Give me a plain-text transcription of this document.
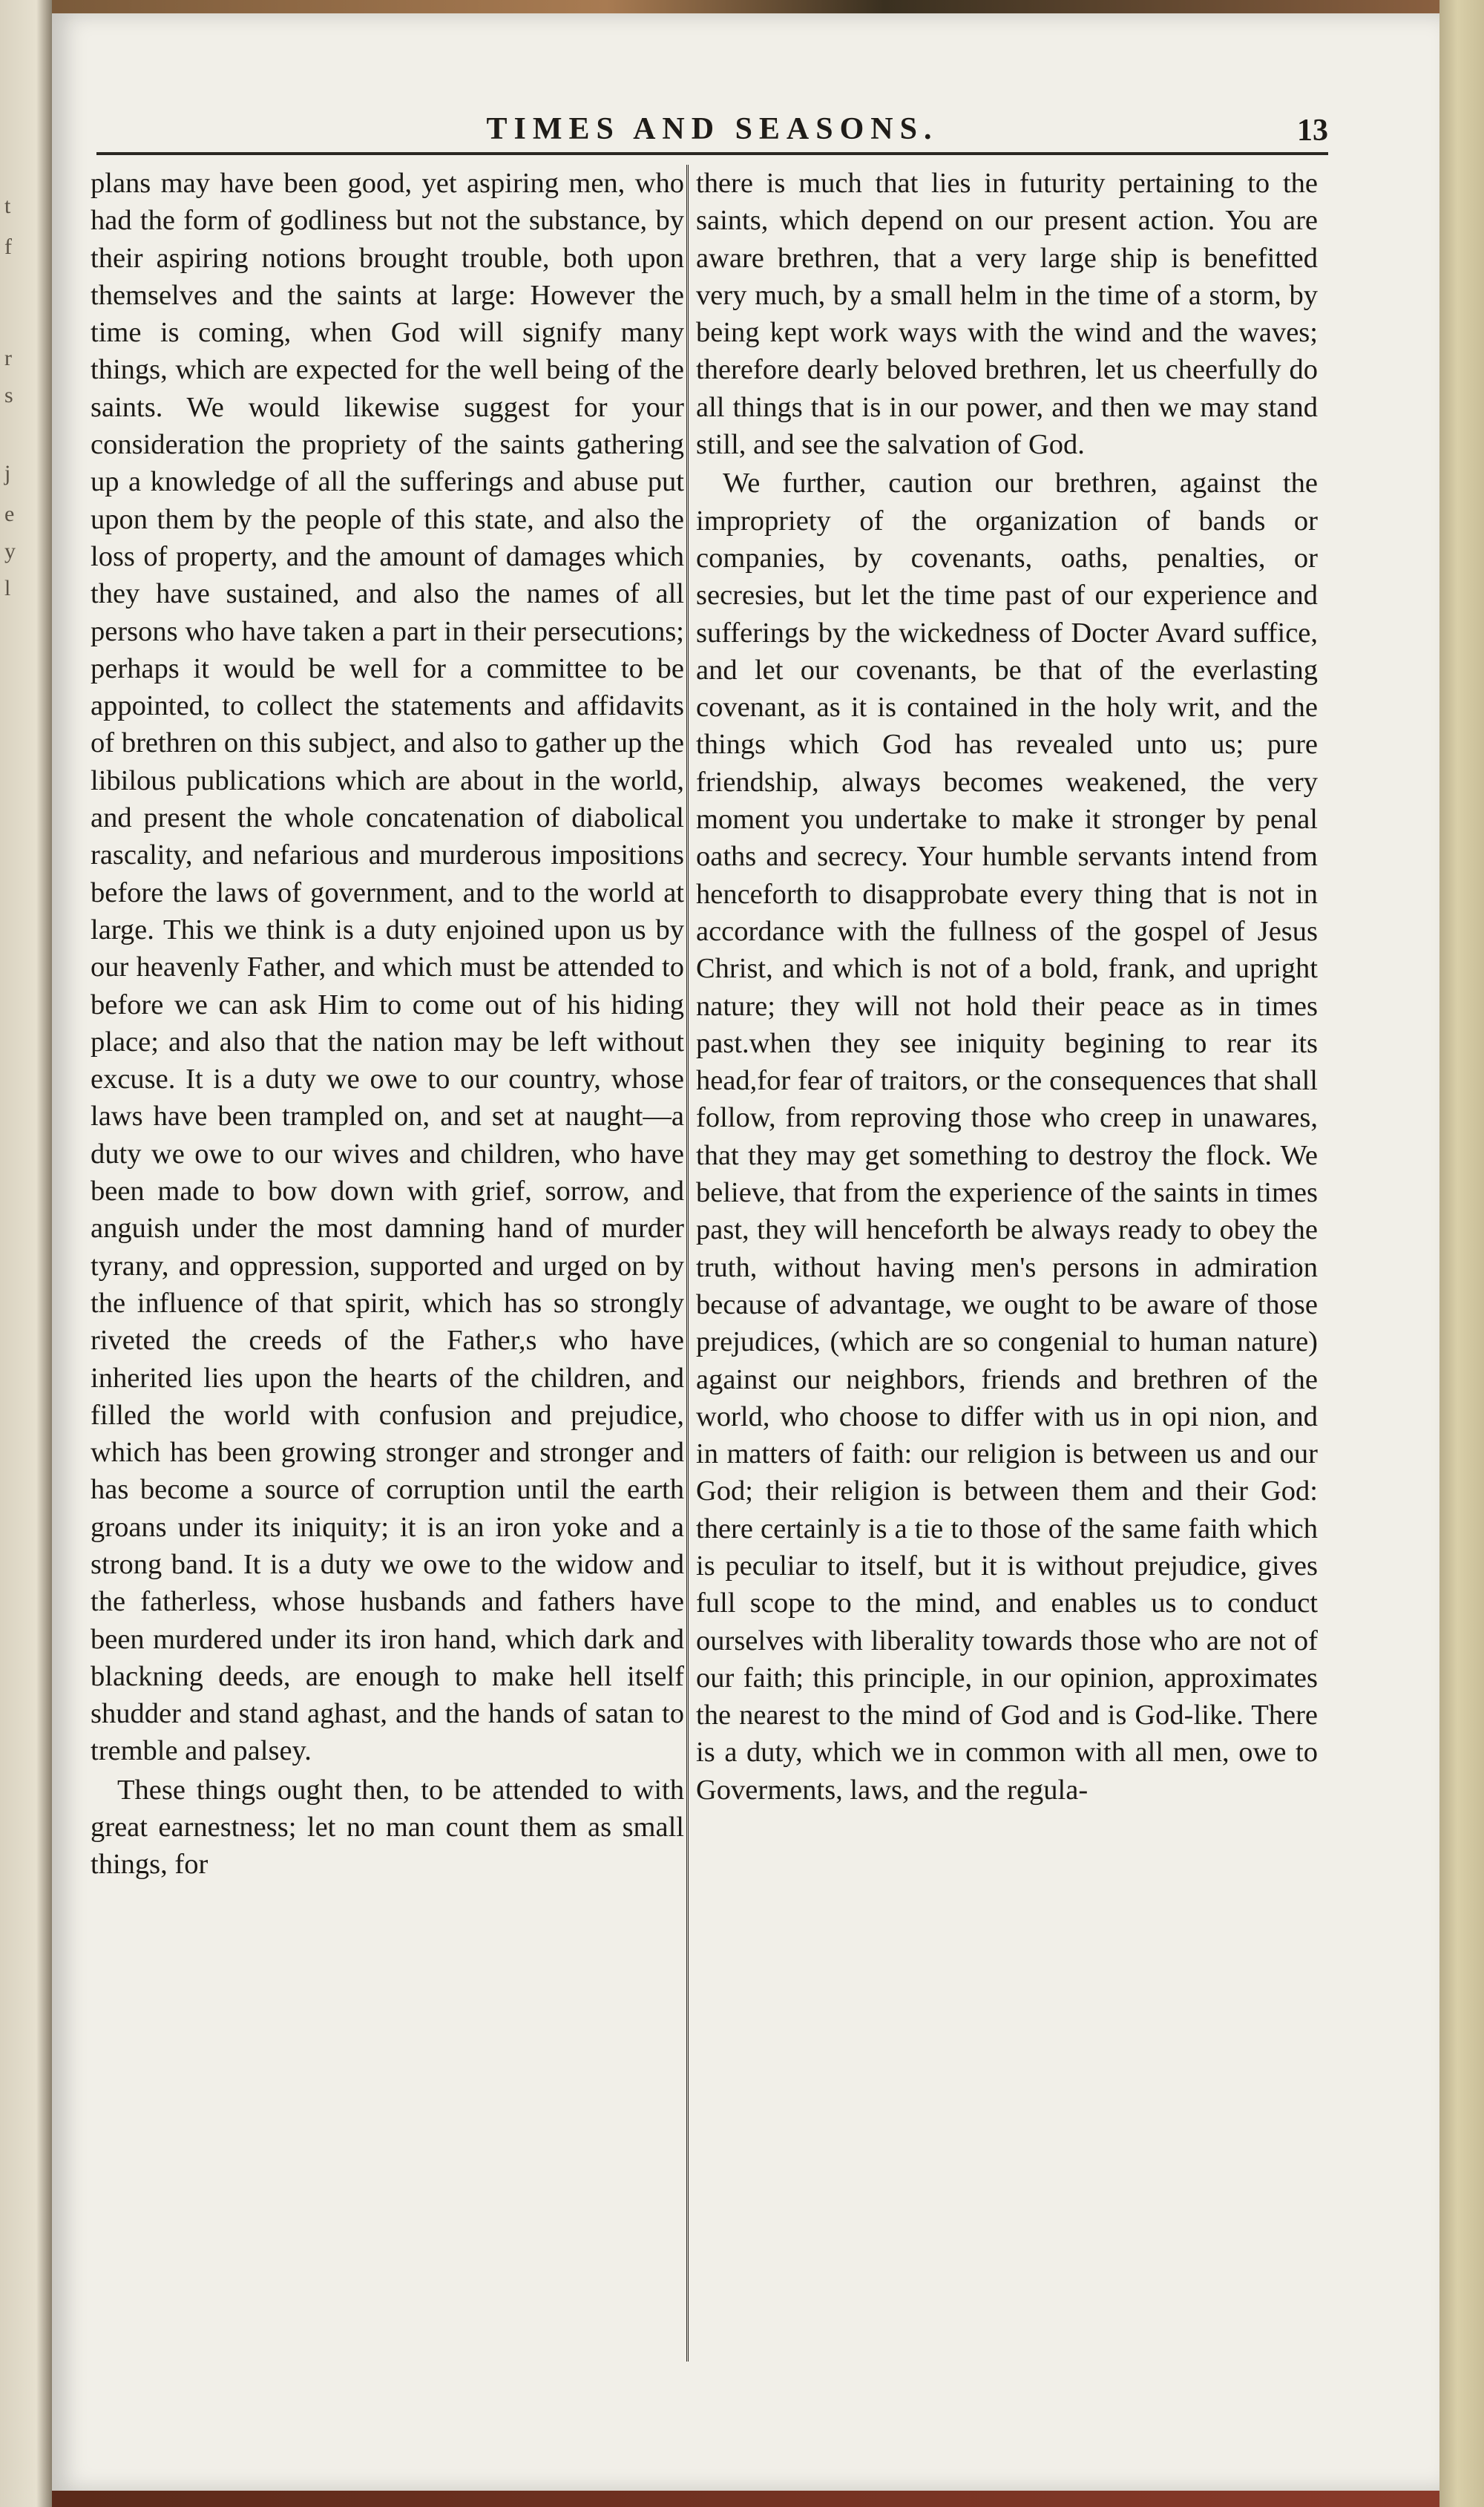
t
f
r
s
j
e
y
l
TIMES AND SEASONS.	13

plans may have been good, yet aspiring men, who had the form of godliness but not the substance, by their aspiring notions brought trouble, both upon themselves and the saints at large: However the time is coming, when God will signify many things, which are expected for the well being of the saints. We would likewise suggest for your consideration the propriety of the saints gathering up a knowledge of all the sufferings and abuse put upon them by the people of this state, and also the loss of property, and the amount of damages which they have sustained, and also the names of all persons who have taken a part in their persecutions; perhaps it would be well for a committee to be appointed, to collect the statements and affidavits of brethren on this subject, and also to gather up the libilous publications which are about in the world, and present the whole concatenation of diabolical rascality, and nefarious and murderous impositions before the laws of government, and to the world at large. This we think is a duty enjoined upon us by our heavenly Father, and which must be attended to before we can ask Him to come out of his hiding place; and also that the nation may be left without excuse. It is a duty we owe to our country, whose laws have been trampled on, and set at naught—a duty we owe to our wives and children, who have been made to bow down with grief, sorrow, and anguish under the most damning hand of murder tyrany, and oppression, supported and urged on by the influence of that spirit, which has so strongly riveted the creeds of the Father,s who have inherited lies upon the hearts of the children, and filled the world with confusion and prejudice, which has been growing stronger and stronger and has become a source of corruption until the earth groans under its iniquity; it is an iron yoke and a strong band. It is a duty we owe to the widow and the fatherless, whose husbands and fathers have been murdered under its iron hand, which dark and blackning deeds, are enough to make hell itself shudder and stand aghast, and the hands of satan to tremble and palsey.

These things ought then, to be attended to with great earnestness; let no man count them as small things, for

there is much that lies in futurity pertaining to the saints, which depend on our present action. You are aware brethren, that a very large ship is benefitted very much, by a small helm in the time of a storm, by being kept work ways with the wind and the waves; therefore dearly beloved brethren, let us cheerfully do all things that is in our power, and then we may stand still, and see the salvation of God.

We further, caution our brethren, against the impropriety of the organization of bands or companies, by covenants, oaths, penalties, or secresies, but let the time past of our experience and sufferings by the wickedness of Docter Avard suffice, and let our covenants, be that of the everlasting covenant, as it is contained in the holy writ, and the things which God has revealed unto us; pure friendship, always becomes weakened, the very moment you undertake to make it stronger by penal oaths and secrecy. Your humble servants intend from henceforth to disapprobate every thing that is not in accordance with the fullness of the gospel of Jesus Christ, and which is not of a bold, frank, and upright nature; they will not hold their peace as in times past.when they see iniquity begining to rear its head,for fear of traitors, or the consequences that shall follow, from reproving those who creep in unawares, that they may get something to destroy the flock. We believe, that from the experience of the saints in times past, they will henceforth be always ready to obey the truth, without having men's persons in admiration because of advantage, we ought to be aware of those prejudices, (which are so congenial to human nature) against our neighbors, friends and brethren of the world, who choose to differ with us in opi nion, and in matters of faith: our religion is between us and our God; their religion is between them and their God: there certainly is a tie to those of the same faith which is peculiar to itself, but it is without prejudice, gives full scope to the mind, and enables us to conduct ourselves with liberality towards those who are not of our faith; this principle, in our opinion, approximates the nearest to the mind of God and is God-like. There is a duty, which we in common with all men, owe to Goverments, laws, and the regula-
